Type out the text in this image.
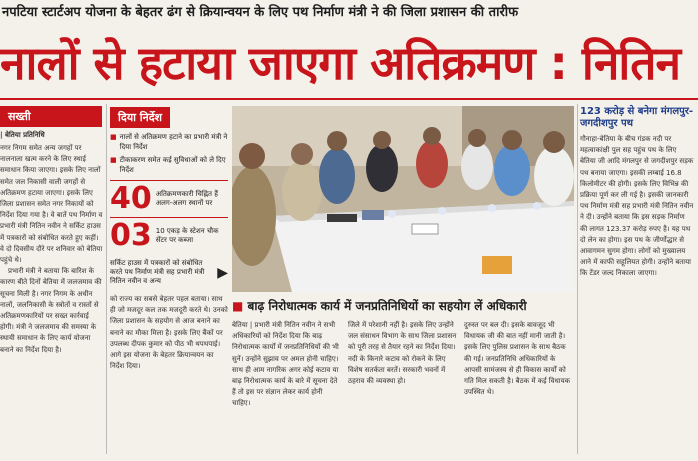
नपटिया स्टार्टअप योजना के बेहतर ढंग से क्रियान्वयन के लिए पथ निर्माण मंत्री ने की जिला प्रशासन की तारीफ
नालों से हटाया जाएगा अतिक्रमण : नितिन
सख्ती
| बेतिया प्रतिनिधि

नगर निगम समेत अन्य जगहों पर नालनाला खत्म करने के लिए स्थाई समाधान किया जाएगा। इसके लिए नालों समेत जल निकासी वाली जगहों से अतिक्रमण हटाया जाएगा। इसके लिए जिला प्रशासन समेत नगर निकायों को निर्देश दिया गया है। वे बातें पथ निर्माण व प्रभारी मंत्री नितिन नवीन ने सर्किट हाउस में पत्रकारों को संबोधित करते हुए कहीं। वे दो दिवसीय दौरे पर शनिवार को बेतिया पहुंचे थे।

प्रभारी मंत्री ने बताया कि बारिश के कारण बीते दिनों बेतिया में जलजमाव की सूचना मिली है। नगर निगम के अधीन नालों, जलनिकासी के स्त्रोतों व रास्तों से अतिक्रमणकारियों पर सख्त कार्रवाई होगी। मंत्री ने जलजमाव की समस्या के स्थायी समाधान के लिए कार्य योजना बनाने का निर्देश दिया है।

दिया निर्देश
■ नालों से अतिक्रमण हटाने का प्रभारी मंत्री ने दिया निर्देश
■ टीकाकरण समेत कई सुविधाओं को ले दिए निर्देश
40 अतिक्रमणकारी चिह्नित हैं अलग-अलग स्थानों पर
03 10 एकड़ के स्टेशन चौक सेंटर पर कब्जा
सर्किट हाउस में पत्रकारों को संबोधित करते पथ निर्माण मंत्री सह प्रभारी मंत्री नितिन नवीन व अन्य
▶
को राज्य का सबसे बेहतर पहल बताया। साथ ही जो मजदूर कल तक मजदूरी करते थे। उनको जिला प्रशासन के सहयोग से आज बनाने का बनाने का मौका मिला है। इसके लिए बैंकों पर उपलब्ध दीपक कुमार को पीठ भी थपथपाई। आगे इस योजना के बेहतर क्रियान्वयन का निर्देश दिया।
■ बाढ़ निरोधात्मक कार्य में जनप्रतिनिधियों का सहयोग लें अधिकारी
बेतिया | प्रभारी मंत्री नितिन नवीन ने सभी अधिकारियों को निर्देश दिया कि बाढ़ निरोधात्मक कार्यों में जनप्रतिनिधियों की भी सुनें। उन्होंने सुझाव पर अमल होनी चाहिए। साथ ही आम नागरिक अगर कोई कटाव या बाढ़ निरोधात्मक कार्य के बारे में सूचना देते हैं तो इस पर संज्ञान लेकर कार्य होनी चाहिए।
जिले में परेशानी नहीं है। इसके लिए उन्होंने जल संसाधन विभाग के साथ जिला प्रशासन को पूरी तरह से तैयार रहने का निर्देश दिया। नदी के किनारे कटाव को रोकने के लिए विशेष सतर्कता बरतें। सरकारी भवनों में ठहराव की व्यवस्था हो।
दुरुस्त पर बल दी। इसके बावजूद भी विधायक जी की बात नहीं मानी जाती है। इसके लिए पुलिस प्रशासन के साथ बैठक की गई। जनप्रतिनिधि अधिकारियों के आपसी सामंजस्य से ही विकास कार्यों को गति मिल सकती है। बैठक में कई विधायक उपस्थित थे।
123 करोड़ से बनेगा मंगलपुर-जगदीशपुर पथ
गौनाहा-बेतिया के बीच गंडक नदी पर महत्वाकांक्षी पुल सह पहुंच पथ के लिए बेतिया जी आदि मंगलपुर से जगदीशपुर सड़क पथ बनाया जाएगा। इसकी लम्बाई 16.8 किलोमीटर की होगी। इसके लिए विभिन्न की प्रक्रिया पूर्ण कर ली गई है। इसकी जानकारी पथ निर्माण मंत्री सह प्रभारी मंत्री नितिन नवीन ने दी। उन्होंने बताया कि इस सड़क निर्माण की लागत 123.37 करोड़ रुपए है। यह पथ दो लेन का होगा। इस पथ के जीर्णोद्धार से आवागमन सुगम होगा। लोगों को मुख्यालय आने में काफी सहूलियत होगी। उन्होंने बताया कि टेंडर जल्द निकाला जाएगा।
